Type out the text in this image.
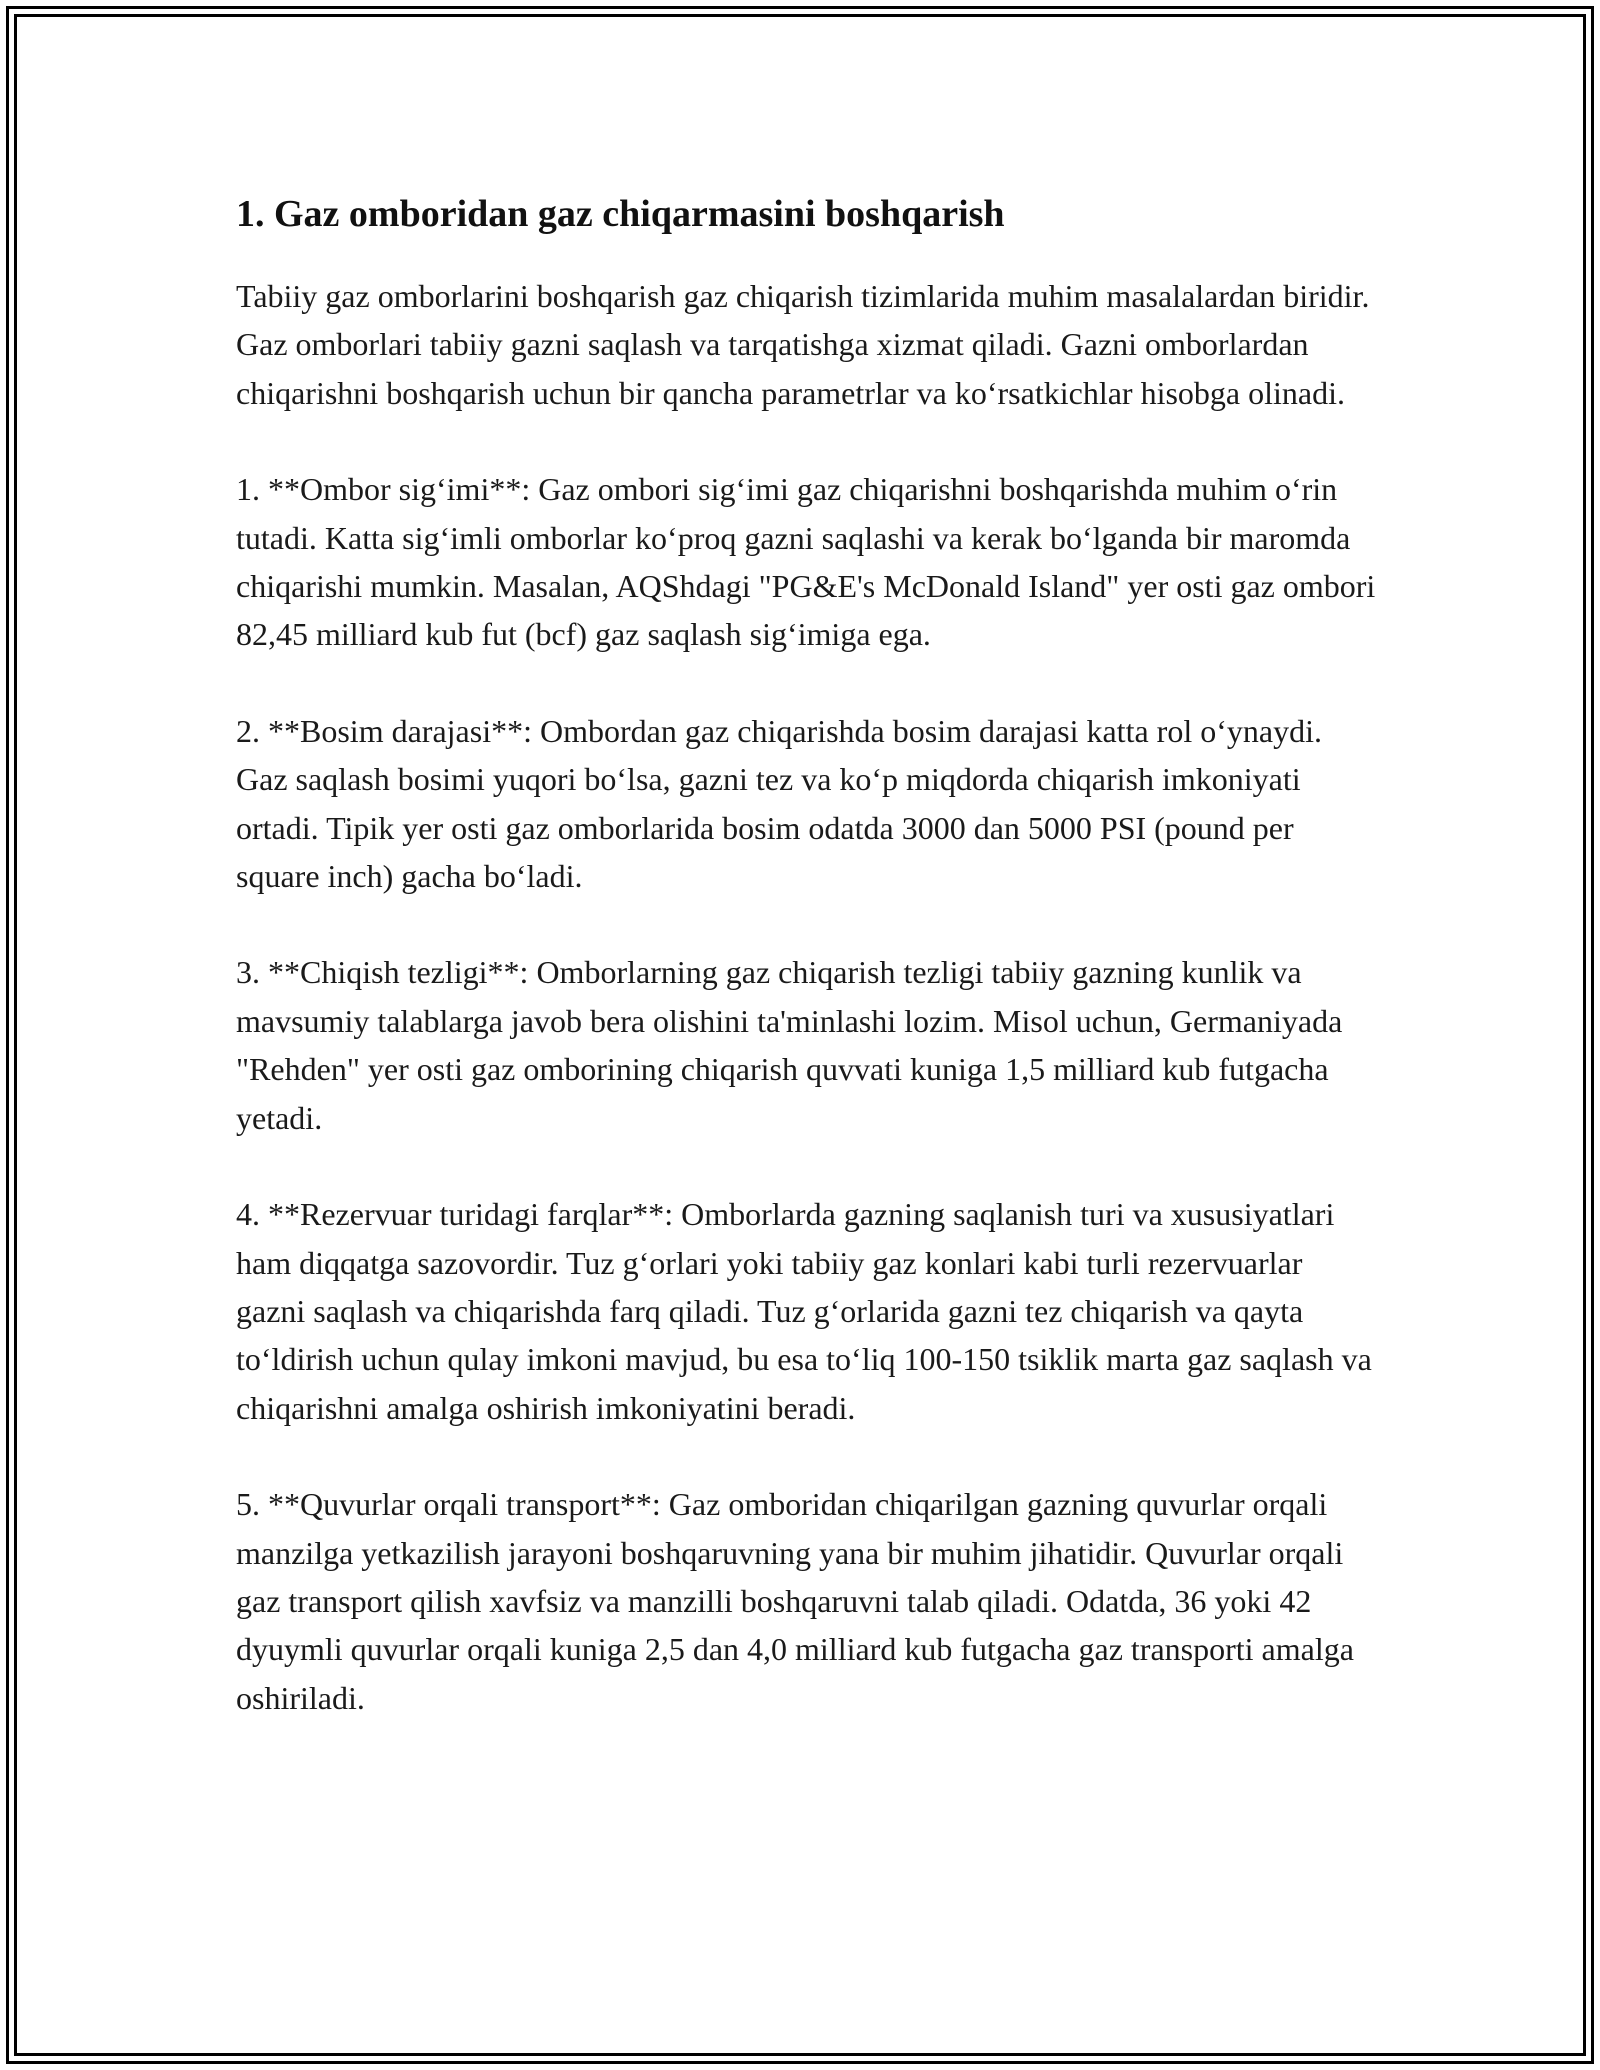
1. Gaz omboridan gaz chiqarmasini boshqarish

Tabiiy gaz omborlarini boshqarish gaz chiqarish tizimlarida muhim masalalardan biridir. Gaz omborlari tabiiy gazni saqlash va tarqatishga xizmat qiladi. Gazni omborlardan chiqarishni boshqarish uchun bir qancha parametrlar va ko‘rsatkichlar hisobga olinadi.

1. **Ombor sig‘imi**: Gaz ombori sig‘imi gaz chiqarishni boshqarishda muhim o‘rin tutadi. Katta sig‘imli omborlar ko‘proq gazni saqlashi va kerak bo‘lganda bir maromda chiqarishi mumkin. Masalan, AQShdagi "PG&E's McDonald Island" yer osti gaz ombori 82,45 milliard kub fut (bcf) gaz saqlash sig‘imiga ega.

2. **Bosim darajasi**: Ombordan gaz chiqarishda bosim darajasi katta rol o‘ynaydi. Gaz saqlash bosimi yuqori bo‘lsa, gazni tez va ko‘p miqdorda chiqarish imkoniyati ortadi. Tipik yer osti gaz omborlarida bosim odatda 3000 dan 5000 PSI (pound per square inch) gacha bo‘ladi.

3. **Chiqish tezligi**: Omborlarning gaz chiqarish tezligi tabiiy gazning kunlik va mavsumiy talablarga javob bera olishini ta'minlashi lozim. Misol uchun, Germaniyada "Rehden" yer osti gaz omborining chiqarish quvvati kuniga 1,5 milliard kub futgacha yetadi.

4. **Rezervuar turidagi farqlar**: Omborlarda gazning saqlanish turi va xususiyatlari ham diqqatga sazovordir. Tuz g‘orlari yoki tabiiy gaz konlari kabi turli rezervuarlar gazni saqlash va chiqarishda farq qiladi. Tuz g‘orlarida gazni tez chiqarish va qayta to‘ldirish uchun qulay imkoni mavjud, bu esa to‘liq 100-150 tsiklik marta gaz saqlash va chiqarishni amalga oshirish imkoniyatini beradi.

5. **Quvurlar orqali transport**: Gaz omboridan chiqarilgan gazning quvurlar orqali manzilga yetkazilish jarayoni boshqaruvning yana bir muhim jihatidir. Quvurlar orqali gaz transport qilish xavfsiz va manzilli boshqaruvni talab qiladi. Odatda, 36 yoki 42 dyuymli quvurlar orqali kuniga 2,5 dan 4,0 milliard kub futgacha gaz transporti amalga oshiriladi.
